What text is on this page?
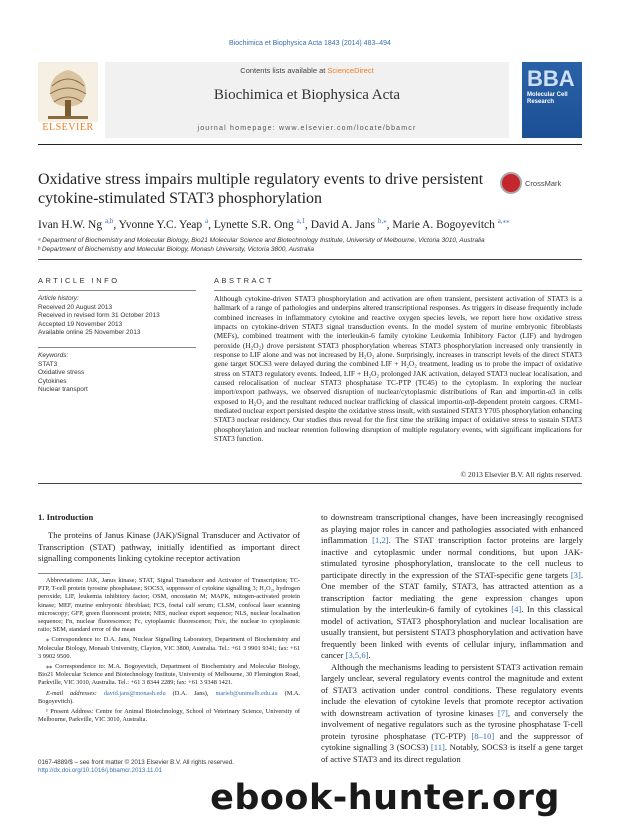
Biochimica et Biophysica Acta 1843 (2014) 483–494
Contents lists available at ScienceDirect
Biochimica et Biophysica Acta
journal homepage: www.elsevier.com/locate/bbamcr
ELSEVIER
BBA
Molecular Cell Research
Oxidative stress impairs multiple regulatory events to drive persistent cytokine-stimulated STAT3 phosphorylation
CrossMark
Ivan H.W. Ng $^{a,b}$, Yvonne Y.C. Yeap $^a$, Lynette S.R. Ong $^{a,1}$, David A. Jans $^{b,⁎}$, Marie A. Bogoyevitch $^{a,⁎⁎}$
ᵃ Department of Biochemistry and Molecular Biology, Bio21 Molecular Science and Biotechnology Institute, University of Melbourne, Victoria 3010, Australia
ᵇ Department of Biochemistry and Molecular Biology, Monash University, Victoria 3800, Australia
ARTICLE INFO
Article history:
Received 20 August 2013
Received in revised form 31 October 2013
Accepted 19 November 2013
Available online 25 November 2013
Keywords:
STAT3
Oxidative stress
Cytokines
Nuclear transport
ABSTRACT
Although cytokine-driven STAT3 phosphorylation and activation are often transient, persistent activation of STAT3 is a hallmark of a range of pathologies and underpins altered transcriptional responses. As triggers in disease frequently include combined increases in inflammatory cytokine and reactive oxygen species levels, we report here how oxidative stress impacts on cytokine-driven STAT3 signal transduction events. In the model system of murine embryonic fibroblasts (MEFs), combined treatment with the interleukin-6 family cytokine Leukemia Inhibitory Factor (LIF) and hydrogen peroxide (H₂O₂) drove persistent STAT3 phosphorylation whereas STAT3 phosphorylation increased only transiently in response to LIF alone and was not increased by H₂O₂ alone. Surprisingly, increases in transcript levels of the direct STAT3 gene target SOCS3 were delayed during the combined LIF + H₂O₂ treatment, leading us to probe the impact of oxidative stress on STAT3 regulatory events. Indeed, LIF + H₂O₂ prolonged JAK activation, delayed STAT3 nuclear localisation, and caused relocalisation of nuclear STAT3 phosphatase TC-PTP (TC45) to the cytoplasm. In exploring the nuclear import/export pathways, we observed disruption of nuclear/cytoplasmic distributions of Ran and importin-α3 in cells exposed to H₂O₂ and the resultant reduced nuclear trafficking of classical importin-α/β-dependent protein cargoes. CRM1-mediated nuclear export persisted despite the oxidative stress insult, with sustained STAT3 Y705 phosphorylation enhancing STAT3 nuclear residency. Our studies thus reveal for the first time the striking impact of oxidative stress to sustain STAT3 phosphorylation and nuclear retention following disruption of multiple regulatory events, with significant implications for STAT3 function.
© 2013 Elsevier B.V. All rights reserved.
1. Introduction
The proteins of Janus Kinase (JAK)/Signal Transducer and Activator of Transcription (STAT) pathway, initially identified as important direct signalling components linking cytokine receptor activation

Abbreviations: JAK, Janus kinase; STAT, Signal Transducer and Activator of Transcription; TC-PTP, T-cell protein tyrosine phosphatase; SOCS3, suppressor of cytokine signalling 3; H₂O₂, hydrogen peroxide; LIF, leukemia inhibitory factor; OSM, oncostatin M; MAPK, mitogen-activated protein kinase; MEF, murine embryonic fibroblast; FCS, foetal calf serum; CLSM, confocal laser scanning microscopy; GFP, green fluorescent protein; NES, nuclear export sequence; NLS, nuclear localisation sequence; Fn, nuclear fluorescence; Fc, cytoplasmic fluorescence; Fn/c, the nuclear to cytoplasmic ratio; SEM, standard error of the mean

⁎ Correspondence to: D.A. Jans, Nuclear Signalling Laboratory, Department of Biochemistry and Molecular Biology, Monash University, Clayton, VIC 3800, Australia. Tel.: +61 3 9901 9341; fax: +61 3 9902 9500.

⁎⁎ Correspondence to: M.A. Bogoyevitch, Department of Biochemistry and Molecular Biology, Bio21 Molecular Science and Biotechnology Institute, University of Melbourne, 30 Flemington Road, Parkville, VIC 3010, Australia. Tel.: +61 3 8344 2289; fax: +61 3 9348 1421.

E-mail addresses: david.jans@monash.edu (D.A. Jans), marieb@unimelb.edu.au (M.A. Bogoyevitch).

¹ Present Address: Centre for Animal Biotechnology, School of Veterinary Science, University of Melbourne, Parkville, VIC 3010, Australia.

to downstream transcriptional changes, have been increasingly recognised as playing major roles in cancer and pathologies associated with enhanced inflammation [1,2]. The STAT transcription factor proteins are largely inactive and cytoplasmic under normal conditions, but upon JAK-stimulated tyrosine phosphorylation, translocate to the cell nucleus to participate directly in the expression of the STAT-specific gene targets [3]. One member of the STAT family, STAT3, has attracted attention as a transcription factor mediating the gene expression changes upon stimulation by the interleukin-6 family of cytokines [4]. In this classical model of activation, STAT3 phosphorylation and nuclear localisation are usually transient, but persistent STAT3 phosphorylation and activation have frequently been linked with events of cellular injury, inflammation and cancer [3,5,6].
Although the mechanisms leading to persistent STAT3 activation remain largely unclear, several regulatory events control the magnitude and extent of STAT3 activation under control conditions. These regulatory events include the elevation of cytokine levels that promote receptor activation with downstream activation of tyrosine kinases [7], and conversely the involvement of negative regulators such as the tyrosine phosphatase T-cell protein tyrosine phosphatase (TC-PTP) [8–10] and the suppressor of cytokine signalling 3 (SOCS3) [11]. Notably, SOCS3 is itself a gene target of active STAT3 and its direct regulation
0167-4889/$ – see front matter © 2013 Elsevier B.V. All rights reserved.
http://dx.doi.org/10.1016/j.bbamcr.2013.11.01
ebook-hunter.org
